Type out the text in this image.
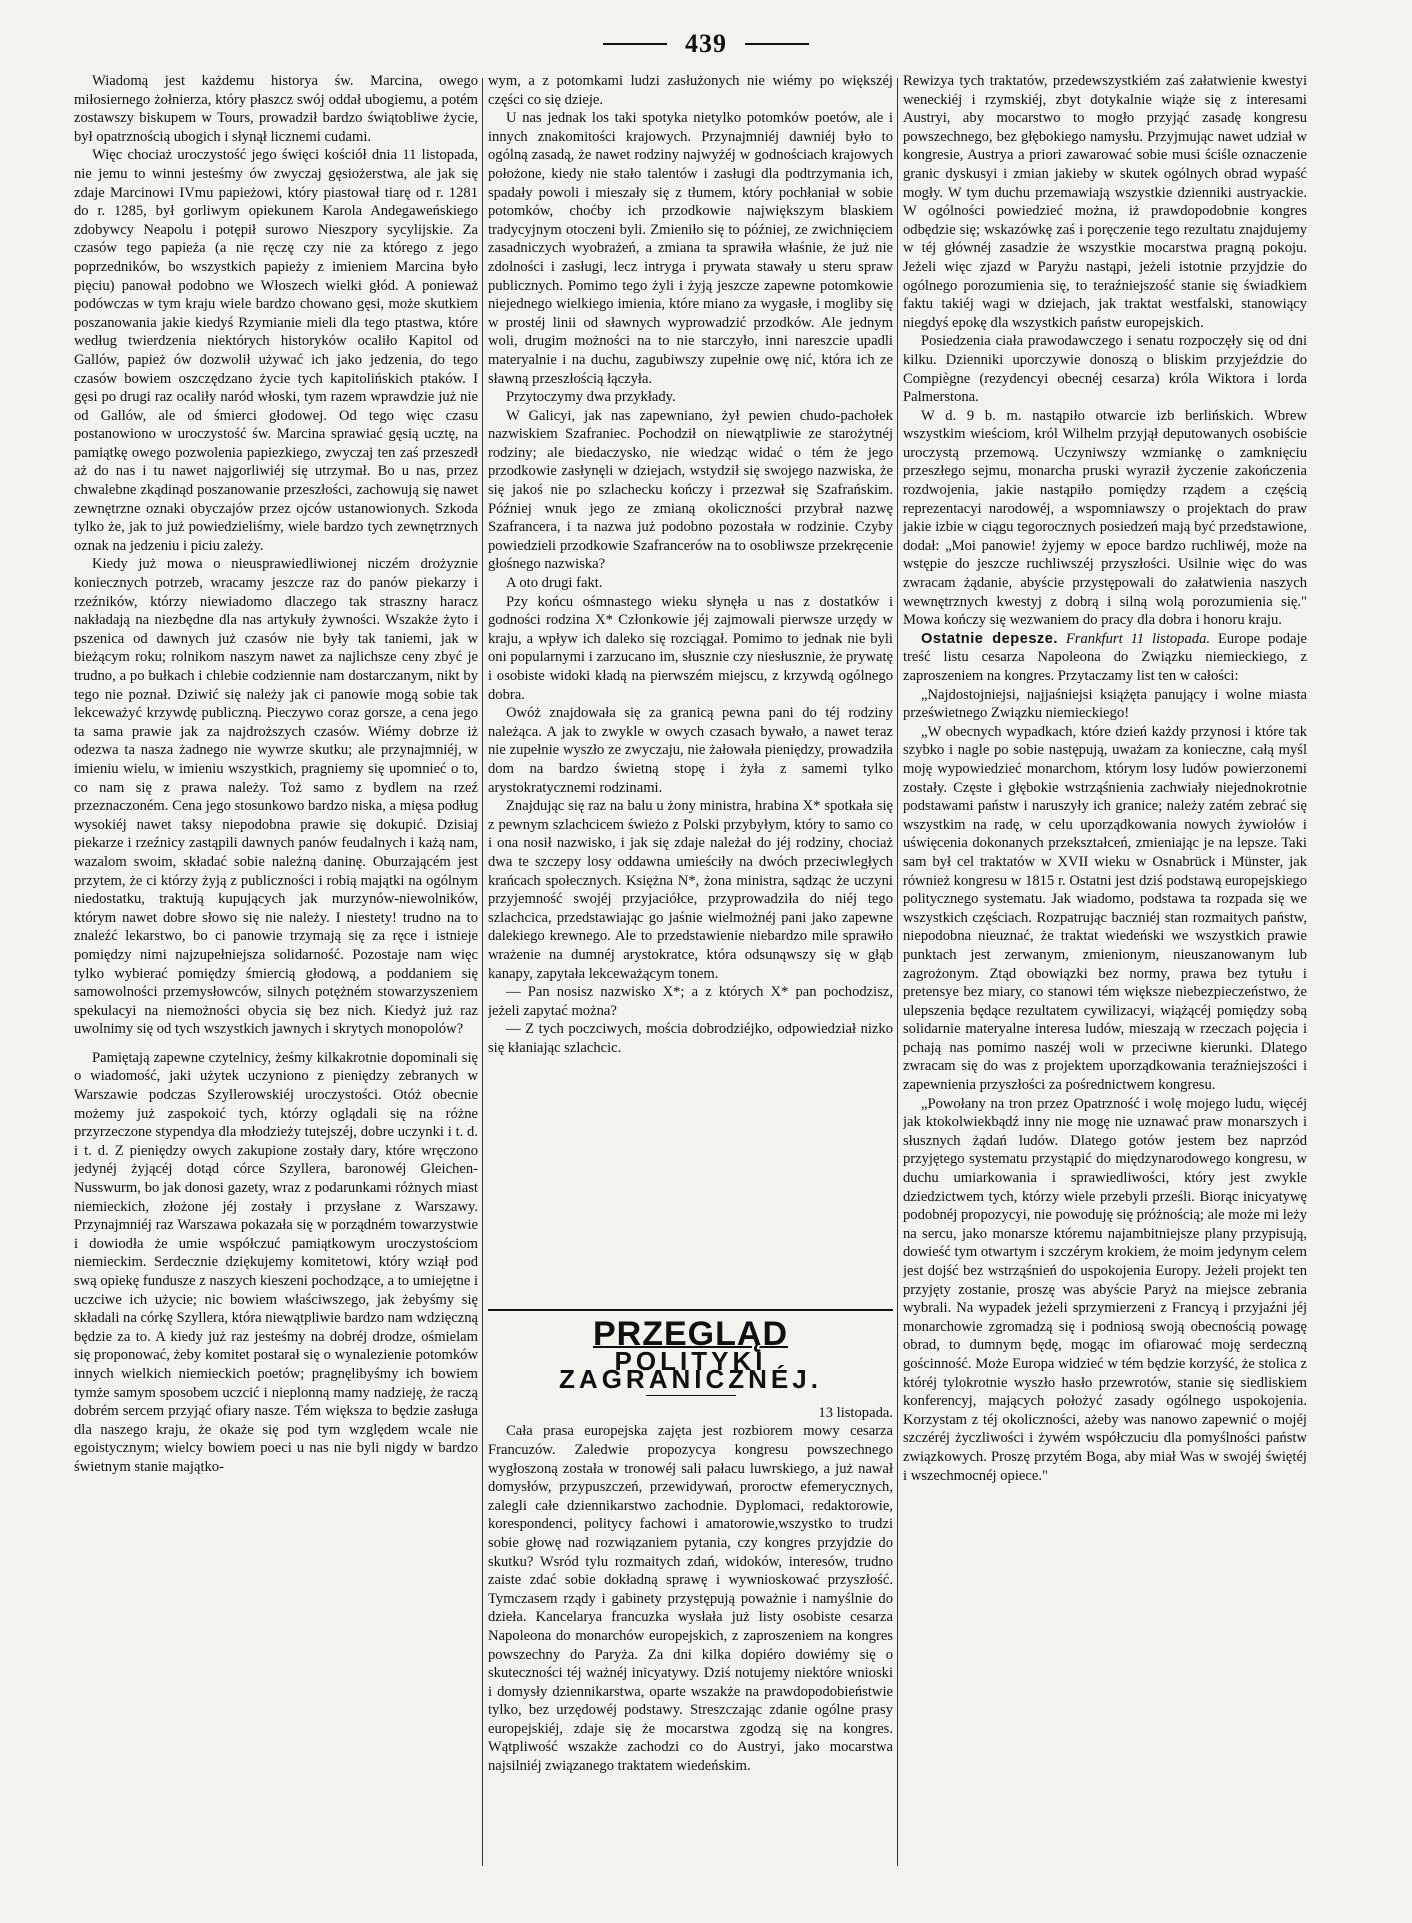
439

Wiadomą jest każdemu historya św. Marcina, owego miłosiernego żołnierza, który płaszcz swój oddał ubogiemu, a potém zostawszy biskupem w Tours, prowadził bardzo świątobliwe życie, był opatrznością ubogich i słynął licznemi cudami.

Więc chociaż uroczystość jego święci kościół dnia 11 listopada, nie jemu to winni jesteśmy ów zwyczaj gęsiożerstwa, ale jak się zdaje Marcinowi IVmu papieżowi, który piastował tiarę od r. 1281 do r. 1285, był gorliwym opiekunem Karola Andegaweńskiego zdobywcy Neapolu i potępił surowo Nieszpory sycylijskie. Za czasów tego papieża (a nie ręczę czy nie za którego z jego poprzedników, bo wszystkich papieży z imieniem Marcina było pięciu) panował podobno we Włoszech wielki głód. A ponieważ podówczas w tym kraju wiele bardzo chowano gęsi, może skutkiem poszanowania jakie kiedyś Rzymianie mieli dla tego ptastwa, które według twierdzenia niektórych historyków ocaliło Kapitol od Gallów, papież ów dozwolił używać ich jako jedzenia, do tego czasów bowiem oszczędzano życie tych kapitolińskich ptaków. I gęsi po drugi raz ocaliły naród włoski, tym razem wprawdzie już nie od Gallów, ale od śmierci głodowej. Od tego więc czasu postanowiono w uroczystość św. Marcina sprawiać gęsią ucztę, na pamiątkę owego pozwolenia papiezkiego, zwyczaj ten zaś przeszedł aż do nas i tu nawet najgorliwiéj się utrzymał. Bo u nas, przez chwalebne zkądinąd poszanowanie przeszłości, zachowują się nawet zewnętrzne oznaki obyczajów przez ojców ustanowionych. Szkoda tylko że, jak to już powiedzieliśmy, wiele bardzo tych zewnętrznych oznak na jedzeniu i piciu zależy.

Kiedy już mowa o nieusprawiedliwionej niczém drożyznie koniecznych potrzeb, wracamy jeszcze raz do panów piekarzy i rzeźników, którzy niewiadomo dlaczego tak straszny haracz nakładają na niezbędne dla nas artykuły żywności. Wszakże żyto i pszenica od dawnych już czasów nie były tak taniemi, jak w bieżącym roku; rolnikom naszym nawet za najlichsze ceny zbyć je trudno, a po bułkach i chlebie codziennie nam dostarczanym, nikt by tego nie poznał. Dziwić się należy jak ci panowie mogą sobie tak lekceważyć krzywdę publiczną. Pieczywo coraz gorsze, a cena jego ta sama prawie jak za najdroższych czasów. Wiémy dobrze iż odezwa ta nasza żadnego nie wywrze skutku; ale przynajmniéj, w imieniu wielu, w imieniu wszystkich, pragniemy się upomnieć o to, co nam się z prawa należy. Toż samo z bydlem na rzeź przeznaczoném. Cena jego stosunkowo bardzo niska, a mięsa podług wysokiéj nawet taksy niepodobna prawie się dokupić. Dzisiaj piekarze i rzeźnicy zastąpili dawnych panów feudalnych i każą nam, wazalom swoim, składać sobie należną daninę. Oburzającém jest przytem, że ci którzy żyją z publiczności i robią majątki na ogólnym niedostatku, traktują kupujących jak murzynów-niewolników, którym nawet dobre słowo się nie należy. I niestety! trudno na to znaleźć lekarstwo, bo ci panowie trzymają się za ręce i istnieje pomiędzy nimi najzupełniejsza solidarność. Pozostaje nam więc tylko wybierać pomiędzy śmiercią głodową, a poddaniem się samowolności przemysłowców, silnych potężném stowarzyszeniem spekulacyi na niemożności obycia się bez nich. Kiedyż już raz uwolnimy się od tych wszystkich jawnych i skrytych monopolów?

Pamiętają zapewne czytelnicy, żeśmy kilkakrotnie dopominali się o wiadomość, jaki użytek uczyniono z pieniędzy zebranych w Warszawie podczas Szyllerowskiéj uroczystości. Otóż obecnie możemy już zaspokoić tych, którzy oglądali się na różne przyrzeczone stypendya dla młodzieży tutejszéj, dobre uczynki i t. d. i t. d. Z pieniędzy owych zakupione zostały dary, które wręczono jedynéj żyjącéj dotąd córce Szyllera, baronowéj Gleichen-Nusswurm, bo jak donosi gazety, wraz z podarunkami różnych miast niemieckich, złożone jéj zostały i przysłane z Warszawy. Przynajmniéj raz Warszawa pokazała się w porządném towarzystwie i dowiodła że umie współczuć pamiątkowym uroczystościom niemieckim. Serdecznie dziękujemy komitetowi, który wziął pod swą opiekę fundusze z naszych kieszeni pochodzące, a to umiejętne i uczciwe ich użycie; nic bowiem właściwszego, jak żebyśmy się składali na córkę Szyllera, która niewątpliwie bardzo nam wdzięczną będzie za to. A kiedy już raz jesteśmy na dobréj drodze, ośmielam się proponować, żeby komitet postarał się o wynalezienie potomków innych wielkich niemieckich poetów; pragnęlibyśmy ich bowiem tymże samym sposobem uczcić i nieplonną mamy nadzieję, że raczą dobrém sercem przyjąć ofiary nasze. Tém większa to będzie zasługa dla naszego kraju, że okaże się pod tym względem wcale nie egoistycznym; wielcy bowiem poeci u nas nie byli nigdy w bardzo świetnym stanie majątko-

wym, a z potomkami ludzi zasłużonych nie wiémy po większéj części co się dzieje.

U nas jednak los taki spotyka nietylko potomków poetów, ale i innych znakomitości krajowych. Przynajmniéj dawniéj było to ogólną zasadą, że nawet rodziny najwyżéj w godnościach krajowych położone, kiedy nie stało talentów i zasługi dla podtrzymania ich, spadały powoli i mieszały się z tłumem, który pochłaniał w sobie potomków, choćby ich przodkowie największym blaskiem tradycyjnym otoczeni byli. Zmieniło się to później, ze zwichnięciem zasadniczych wyobrażeń, a zmiana ta sprawiła właśnie, że już nie zdolności i zasługi, lecz intryga i prywata stawały u steru spraw publicznych. Pomimo tego żyli i żyją jeszcze zapewne potomkowie niejednego wielkiego imienia, które miano za wygasłe, i mogliby się w prostéj linii od sławnych wyprowadzić przodków. Ale jednym woli, drugim możności na to nie starczyło, inni nareszcie upadli materyalnie i na duchu, zagubiwszy zupełnie owę nić, która ich ze sławną przeszłością łączyła.

Przytoczymy dwa przykłady.

W Galicyi, jak nas zapewniano, żył pewien chudo-pachołek nazwiskiem Szafraniec. Pochodził on niewątpliwie ze starożytnéj rodziny; ale biedaczysko, nie wiedząc widać o tém że jego przodkowie zasłynęli w dziejach, wstydził się swojego nazwiska, że się jakoś nie po szlachecku kończy i przezwał się Szafrańskim. Później wnuk jego ze zmianą okoliczności przybrał nazwę Szafrancera, i ta nazwa już podobno pozostała w rodzinie. Czyby powiedzieli przodkowie Szafrancerów na to osobliwsze przekręcenie głośnego nazwiska?

A oto drugi fakt.

Pzy końcu ośmnastego wieku słynęła u nas z dostatków i godności rodzina X* Członkowie jéj zajmowali pierwsze urzędy w kraju, a wpływ ich daleko się rozciągał. Pomimo to jednak nie byli oni popularnymi i zarzucano im, słusznie czy niesłusznie, że prywatę i osobiste widoki kładą na pierwszém miejscu, z krzywdą ogólnego dobra.

Owóż znajdowała się za granicą pewna pani do téj rodziny należąca. A jak to zwykle w owych czasach bywało, a nawet teraz nie zupełnie wyszło ze zwyczaju, nie żałowała pieniędzy, prowadziła dom na bardzo świetną stopę i żyła z samemi tylko arystokratycznemi rodzinami.

Znajdując się raz na balu u żony ministra, hrabina X* spotkała się z pewnym szlachcicem świeżo z Polski przybyłym, który to samo co i ona nosił nazwisko, i jak się zdaje należał do jéj rodziny, chociaż dwa te szczepy losy oddawna umieściły na dwóch przeciwległych krańcach społecznych. Księżna N*, żona ministra, sądząc że uczyni przyjemność swojéj przyjaciółce, przyprowadziła do niéj tego szlachcica, przedstawiając go jaśnie wielmożnéj pani jako zapewne dalekiego krewnego. Ale to przedstawienie niebardzo mile sprawiło wrażenie na dumnéj arystokratce, która odsunąwszy się w głąb kanapy, zapytała lekceważącym tonem.

— Pan nosisz nazwisko X*; a z których X* pan pochodzisz, jeżeli zapytać można?

— Z tych poczciwych, mościa dobrodziéjko, odpowiedział nizko się kłaniając szlachcic.

PRZEGLĄD
POLITYKI ZAGRANICZNÉJ.

13 listopada.

Cała prasa europejska zajęta jest rozbiorem mowy cesarza Francuzów. Zaledwie propozycya kongresu powszechnego wygłoszoną została w tronowéj sali pałacu luwrskiego, a już nawał domysłów, przypuszczeń, przewidywań, proroctw efemerycznych, zalegli całe dziennikarstwo zachodnie. Dyplomaci, redaktorowie, korespondenci, politycy fachowi i amatorowie,wszystko to trudzi sobie głowę nad rozwiązaniem pytania, czy kongres przyjdzie do skutku? Wsród tylu rozmaitych zdań, widoków, interesów, trudno zaiste zdać sobie dokładną sprawę i wywnioskować przyszłość. Tymczasem rządy i gabinety przystępują poważnie i namyślnie do dzieła. Kancelarya francuzka wysłała już listy osobiste cesarza Napoleona do monarchów europejskich, z zaproszeniem na kongres powszechny do Paryża. Za dni kilka dopiéro dowiémy się o skuteczności téj ważnéj inicyatywy. Dziś notujemy niektóre wnioski i domysły dziennikarstwa, oparte wszakże na prawdopodobieństwie tylko, bez urzędowéj podstawy. Streszczając zdanie ogólne prasy europejskiéj, zdaje się że mocarstwa zgodzą się na kongres. Wątpliwość wszakże zachodzi co do Austryi, jako mocarstwa najsilniéj związanego traktatem wiedeńskim.

Rewizya tych traktatów, przedewszystkiém zaś załatwienie kwestyi weneckiéj i rzymskiéj, zbyt dotykalnie wiąże się z interesami Austryi, aby mocarstwo to mogło przyjąć zasadę kongresu powszechnego, bez głębokiego namysłu. Przyjmując nawet udział w kongresie, Austrya a priori zawarować sobie musi ściśle oznaczenie granic dyskusyi i zmian jakieby w skutek ogólnych obrad wypaść mogły. W tym duchu przemawiają wszystkie dzienniki austryackie. W ogólności powiedzieć można, iż prawdopodobnie kongres odbędzie się; wskazówkę zaś i poręczenie tego rezultatu znajdujemy w téj głównéj zasadzie że wszystkie mocarstwa pragną pokoju. Jeżeli więc zjazd w Paryżu nastąpi, jeżeli istotnie przyjdzie do ogólnego porozumienia się, to teraźniejszość stanie się świadkiem faktu takiéj wagi w dziejach, jak traktat westfalski, stanowiący niegdyś epokę dla wszystkich państw europejskich.

Posiedzenia ciała prawodawczego i senatu rozpoczęły się od dni kilku. Dzienniki uporczywie donoszą o bliskim przyjeździe do Compiègne (rezydencyi obecnéj cesarza) króla Wiktora i lorda Palmerstona.

W d. 9 b. m. nastąpiło otwarcie izb berlińskich. Wbrew wszystkim wieściom, król Wilhelm przyjął deputowanych osobiście uroczystą przemową. Uczyniwszy wzmiankę o zamknięciu przeszłego sejmu, monarcha pruski wyraził życzenie zakończenia rozdwojenia, jakie nastąpiło pomiędzy rządem a częścią reprezentacyi narodowéj, a wspomniawszy o projektach do praw jakie izbie w ciągu tegorocznych posiedzeń mają być przedstawione, dodał: „Moi panowie! żyjemy w epoce bardzo ruchliwéj, może na wstępie do jeszcze ruchliwszéj przyszłości. Usilnie więc do was zwracam żądanie, abyście przystępowali do załatwienia naszych wewnętrznych kwestyj z dobrą i silną wolą porozumienia się." Mowa kończy się wezwaniem do pracy dla dobra i honoru kraju.

Ostatnie depesze. Frankfurt 11 listopada. Europe podaje treść listu cesarza Napoleona do Związku niemieckiego, z zaproszeniem na kongres. Przytaczamy list ten w całości:

„Najdostojniejsi, najjaśniejsi książęta panujący i wolne miasta prześwietnego Związku niemieckiego!

„W obecnych wypadkach, które dzień każdy przynosi i które tak szybko i nagle po sobie następują, uważam za konieczne, całą myśl moję wypowiedzieć monarchom, którym losy ludów powierzonemi zostały. Częste i głębokie wstrząśnienia zachwiały niejednokrotnie podstawami państw i naruszyły ich granice; należy zatém zebrać się wszystkim na radę, w celu uporządkowania nowych żywiołów i uświęcenia dokonanych przekształceń, zmieniając je na lepsze. Taki sam był cel traktatów w XVII wieku w Osnabrück i Münster, jak również kongresu w 1815 r. Ostatni jest dziś podstawą europejskiego politycznego systematu. Jak wiadomo, podstawa ta rozpada się we wszystkich częściach. Rozpatrując baczniéj stan rozmaitych państw, niepodobna nieuznać, że traktat wiedeński we wszystkich prawie punktach jest zerwanym, zmienionym, nieuszanowanym lub zagrożonym. Ztąd obowiązki bez normy, prawa bez tytułu i pretensye bez miary, co stanowi tém większe niebezpieczeństwo, że ulepszenia będące rezultatem cywilizacyi, wiążącéj pomiędzy sobą solidarnie materyalne interesa ludów, mieszają w rzeczach pojęcia i pchają nas pomimo naszéj woli w przeciwne kierunki. Dlatego zwracam się do was z projektem uporządkowania teraźniejszości i zapewnienia przyszłości za pośrednictwem kongresu.

„Powołany na tron przez Opatrzność i wolę mojego ludu, więcéj jak ktokolwiekbądź inny nie mogę nie uznawać praw monarszych i słusznych żądań ludów. Dlatego gotów jestem bez naprzód przyjętego systematu przystąpić do międzynarodowego kongresu, w duchu umiarkowania i sprawiedliwości, który jest zwykle dziedzictwem tych, którzy wiele przebyli prześli. Biorąc inicyatywę podobnéj propozycyi, nie powoduję się próżnością; ale może mi leży na sercu, jako monarsze któremu najambitniejsze plany przypisują, dowieść tym otwartym i szczérym krokiem, że moim jedynym celem jest dojść bez wstrząśnień do uspokojenia Europy. Jeżeli projekt ten przyjęty zostanie, proszę was abyście Paryż na miejsce zebrania wybrali. Na wypadek jeżeli sprzymierzeni z Francyą i przyjaźni jéj monarchowie zgromadzą się i podniosą swoją obecnością powagę obrad, to dumnym będę, mogąc im ofiarować moję serdeczną gościnność. Może Europa widzieć w tém będzie korzyść, że stolica z któréj tylokrotnie wyszło hasło przewrotów, stanie się siedliskiem konferencyj, mających położyć zasady ogólnego uspokojenia. Korzystam z téj okoliczności, ażeby was nanowo zapewnić o mojéj szczéréj życzliwości i żywém współczuciu dla pomyślności państw związkowych. Proszę przytém Boga, aby miał Was w swojéj świętéj i wszechmocnéj opiece."
